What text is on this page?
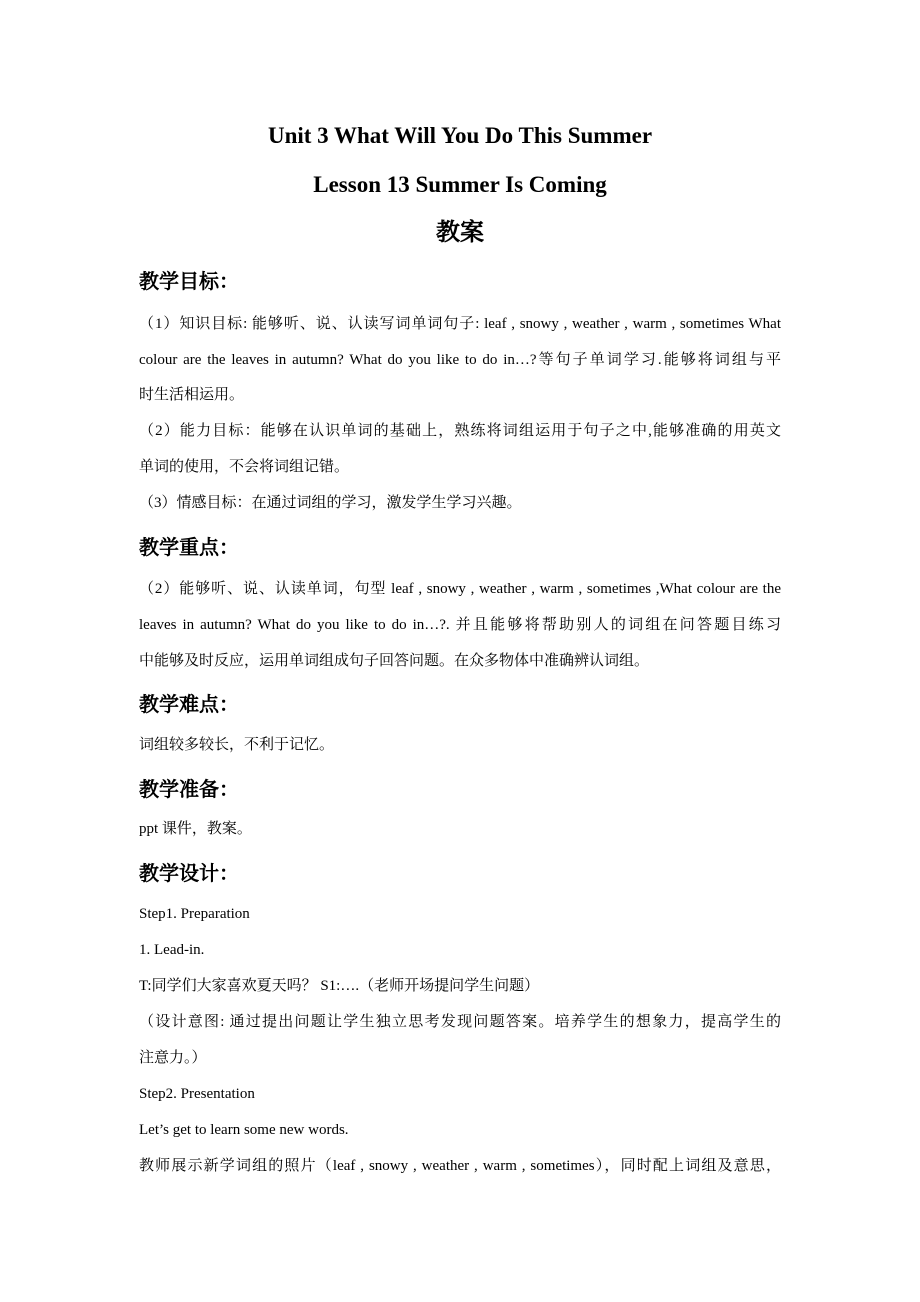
Unit 3 What Will You Do This Summer
Lesson 13 Summer Is Coming
教案
教学目标：
（1）知识目标: 能够听、说、认读写词单词句子: leaf , snowy , weather , warm , sometimes What
colour are the leaves in autumn? What do you like to do in…?等句子单词学习.能够将词组与平
时生活相运用。
（2）能力目标：能够在认识单词的基础上，熟练将词组运用于句子之中,能够准确的用英文
单词的使用，不会将词组记错。
（3）情感目标：在通过词组的学习，激发学生学习兴趣。
教学重点：
（2）能够听、说、认读单词，句型 leaf , snowy , weather , warm , sometimes ,What colour are the
leaves in autumn? What do you like to do in…?. 并且能够将帮助别人的词组在问答题目练习
中能够及时反应，运用单词组成句子回答问题。在众多物体中准确辨认词组。
教学难点：
词组较多较长，不利于记忆。
教学准备：
ppt 课件，教案。
教学设计：
Step1. Preparation
1. Lead-in.
T:同学们大家喜欢夏天吗？ S1:….（老师开场提问学生问题）
（设计意图: 通过提出问题让学生独立思考发现问题答案。培养学生的想象力，提高学生的
注意力。）
Step2. Presentation
Let’s get to learn some new words.
教师展示新学词组的照片（leaf , snowy , weather , warm , sometimes），同时配上词组及意思，
